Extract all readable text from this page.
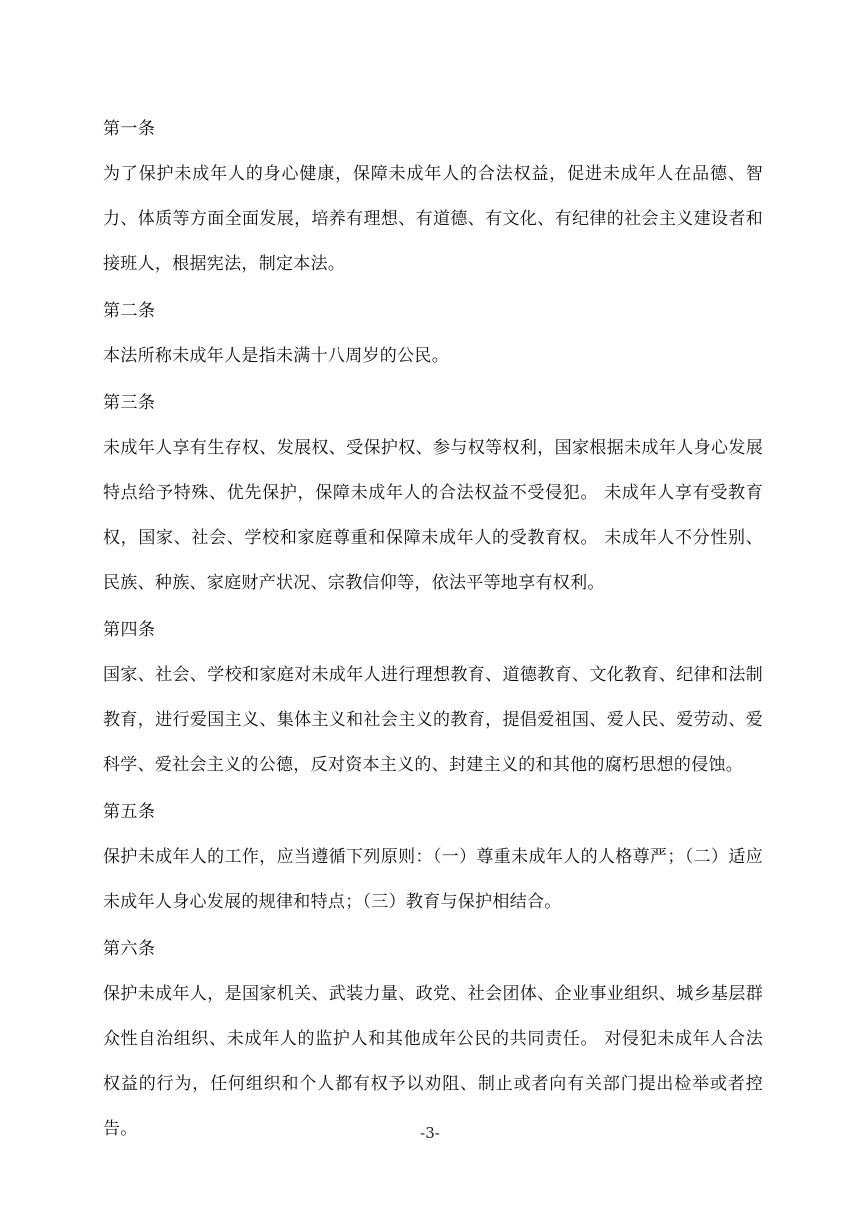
第一条
为了保护未成年人的身心健康，保障未成年人的合法权益，促进未成年人在品德、智力、体质等方面全面发展，培养有理想、有道德、有文化、有纪律的社会主义建设者和接班人，根据宪法，制定本法。
第二条
本法所称未成年人是指未满十八周岁的公民。
第三条
未成年人享有生存权、发展权、受保护权、参与权等权利，国家根据未成年人身心发展特点给予特殊、优先保护，保障未成年人的合法权益不受侵犯。 未成年人享有受教育权，国家、社会、学校和家庭尊重和保障未成年人的受教育权。 未成年人不分性别、民族、种族、家庭财产状况、宗教信仰等，依法平等地享有权利。
第四条
国家、社会、学校和家庭对未成年人进行理想教育、道德教育、文化教育、纪律和法制教育，进行爱国主义、集体主义和社会主义的教育，提倡爱祖国、爱人民、爱劳动、爱科学、爱社会主义的公德，反对资本主义的、封建主义的和其他的腐朽思想的侵蚀。
第五条
保护未成年人的工作，应当遵循下列原则：（一）尊重未成年人的人格尊严；（二）适应未成年人身心发展的规律和特点；（三）教育与保护相结合。
第六条
保护未成年人，是国家机关、武装力量、政党、社会团体、企业事业组织、城乡基层群众性自治组织、未成年人的监护人和其他成年公民的共同责任。 对侵犯未成年人合法权益的行为，任何组织和个人都有权予以劝阻、制止或者向有关部门提出检举或者控告。	-3-
